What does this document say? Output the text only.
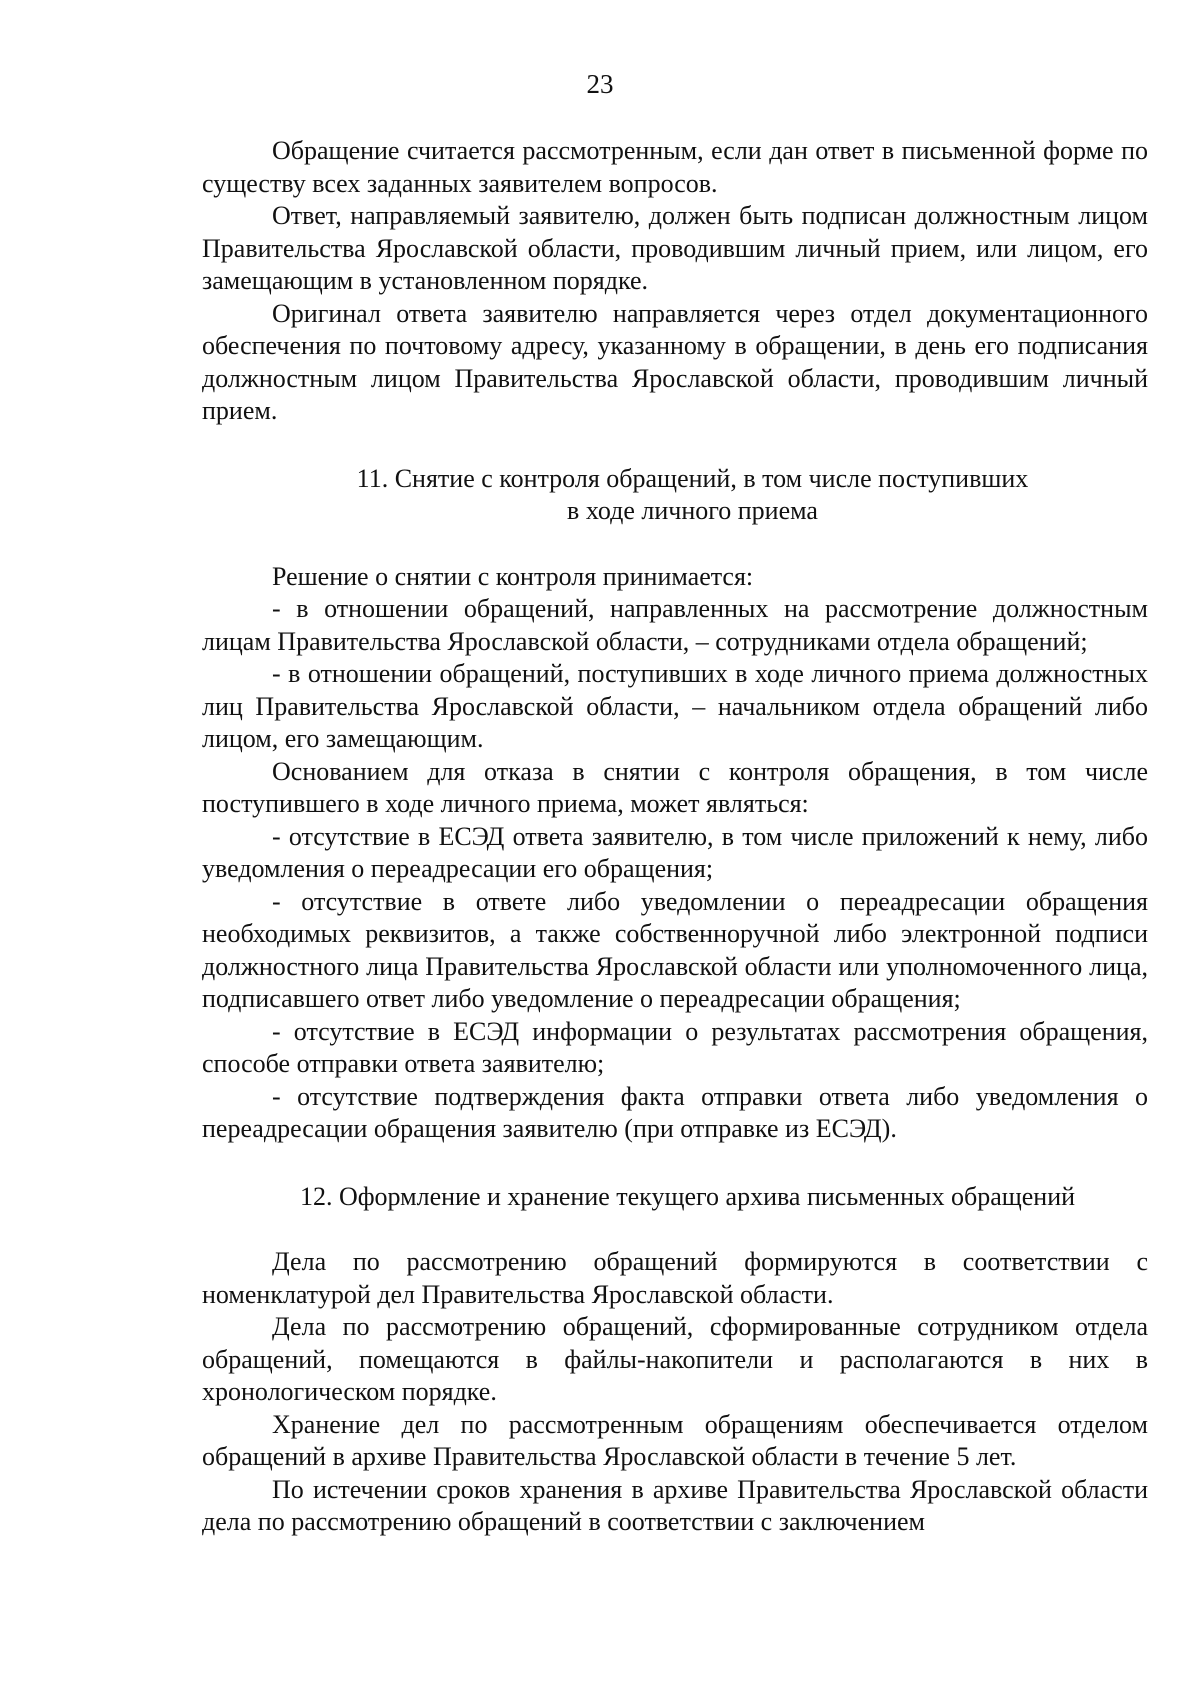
23

Обращение считается рассмотренным, если дан ответ в письменной форме по существу всех заданных заявителем вопросов.

Ответ, направляемый заявителю, должен быть подписан должностным лицом Правительства Ярославской области, проводившим личный прием, или лицом, его замещающим в установленном порядке.

Оригинал ответа заявителю направляется через отдел документационного обеспечения по почтовому адресу, указанному в обращении, в день его подписания должностным лицом Правительства Ярославской области, проводившим личный прием.

11. Снятие с контроля обращений, в том числе поступивших
в ходе личного приема

Решение о снятии с контроля принимается:

- в отношении обращений, направленных на рассмотрение должностным лицам Правительства Ярославской области, – сотрудниками отдела обращений;

- в отношении обращений, поступивших в ходе личного приема должностных лиц Правительства Ярославской области, – начальником отдела обращений либо лицом, его замещающим.

Основанием для отказа в снятии с контроля обращения, в том числе поступившего в ходе личного приема, может являться:

- отсутствие в ЕСЭД ответа заявителю, в том числе приложений к нему, либо уведомления о переадресации его обращения;

- отсутствие в ответе либо уведомлении о переадресации обращения необходимых реквизитов, а также собственноручной либо электронной подписи должностного лица Правительства Ярославской области или уполномоченного лица, подписавшего ответ либо уведомление о переадресации обращения;

- отсутствие в ЕСЭД информации о результатах рассмотрения обращения, способе отправки ответа заявителю;

- отсутствие подтверждения факта отправки ответа либо уведомления о переадресации обращения заявителю (при отправке из ЕСЭД).

12. Оформление и хранение текущего архива письменных обращений

Дела по рассмотрению обращений формируются в соответствии с номенклатурой дел Правительства Ярославской области.

Дела по рассмотрению обращений, сформированные сотрудником отдела обращений, помещаются в файлы-накопители и располагаются в них в хронологическом порядке.

Хранение дел по рассмотренным обращениям обеспечивается отделом обращений в архиве Правительства Ярославской области в течение 5 лет.

По истечении сроков хранения в архиве Правительства Ярославской области дела по рассмотрению обращений в соответствии с заключением
